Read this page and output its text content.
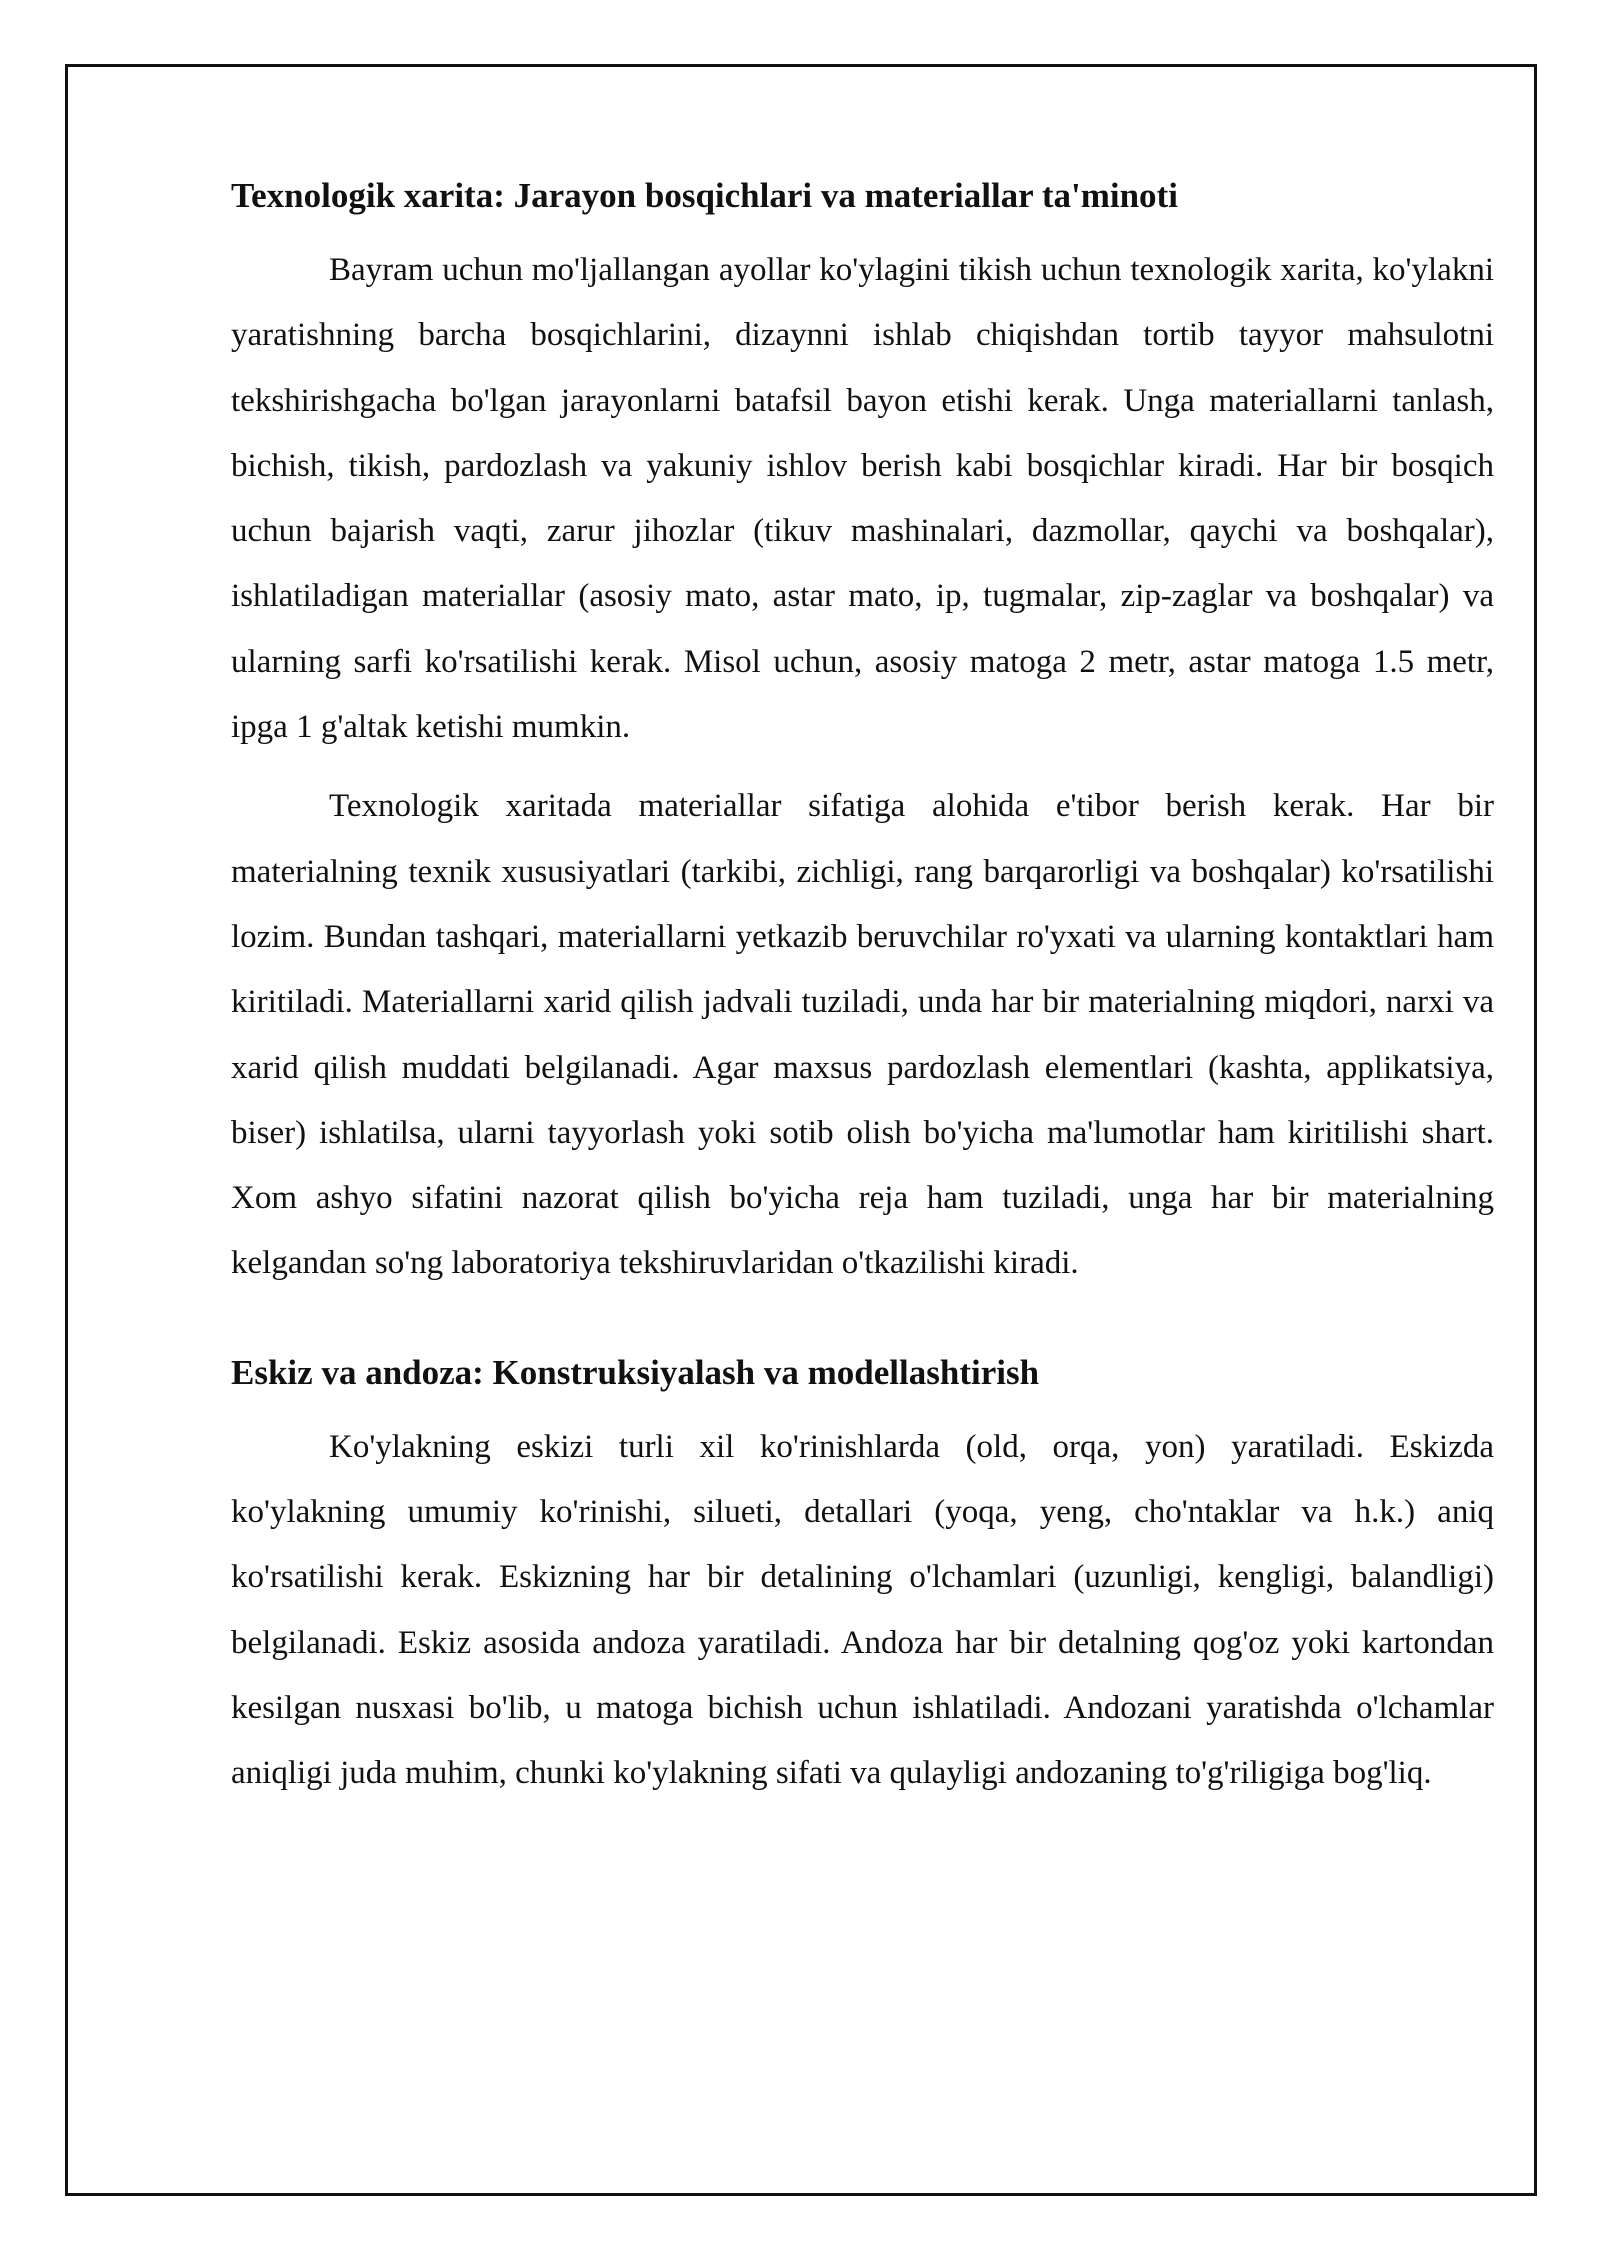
Texnologik xarita: Jarayon bosqichlari va materiallar ta'minoti

Bayram uchun mo'ljallangan ayollar ko'ylagini tikish uchun texnologik xarita, ko'ylakni yaratishning barcha bosqichlarini, dizaynni ishlab chiqishdan tortib tayyor mahsulotni tekshirishgacha bo'lgan jarayonlarni batafsil bayon etishi kerak. Unga materiallarni tanlash, bichish, tikish, pardozlash va yakuniy ishlov berish kabi bosqichlar kiradi. Har bir bosqich uchun bajarish vaqti, zarur jihozlar (tikuv mashinalari, dazmollar, qaychi va boshqalar), ishlatiladigan materiallar (asosiy mato, astar mato, ip, tugmalar, zip-zaglar va boshqalar) va ularning sarfi ko'rsatilishi kerak. Misol uchun, asosiy matoga 2 metr, astar matoga 1.5 metr, ipga 1 g'altak ketishi mumkin.

Texnologik xaritada materiallar sifatiga alohida e'tibor berish kerak. Har bir materialning texnik xususiyatlari (tarkibi, zichligi, rang barqarorligi va boshqalar) ko'rsatilishi lozim. Bundan tashqari, materiallarni yetkazib beruvchilar ro'yxati va ularning kontaktlari ham kiritiladi. Materiallarni xarid qilish jadvali tuziladi, unda har bir materialning miqdori, narxi va xarid qilish muddati belgilanadi. Agar maxsus pardozlash elementlari (kashta, applikatsiya, biser) ishlatilsa, ularni tayyorlash yoki sotib olish bo'yicha ma'lumotlar ham kiritilishi shart. Xom ashyo sifatini nazorat qilish bo'yicha reja ham tuziladi, unga har bir materialning kelgandan so'ng laboratoriya tekshiruvlaridan o'tkazilishi kiradi.

Eskiz va andoza: Konstruksiyalash va modellashtirish

Ko'ylakning eskizi turli xil ko'rinishlarda (old, orqa, yon) yaratiladi. Eskizda ko'ylakning umumiy ko'rinishi, silueti, detallari (yoqa, yeng, cho'ntaklar va h.k.) aniq ko'rsatilishi kerak. Eskizning har bir detalining o'lchamlari (uzunligi, kengligi, balandligi) belgilanadi. Eskiz asosida andoza yaratiladi. Andoza har bir detalning qog'oz yoki kartondan kesilgan nusxasi bo'lib, u matoga bichish uchun ishlatiladi. Andozani yaratishda o'lchamlar aniqligi juda muhim, chunki ko'ylakning sifati va qulayligi andozaning to'g'riligiga bog'liq.
